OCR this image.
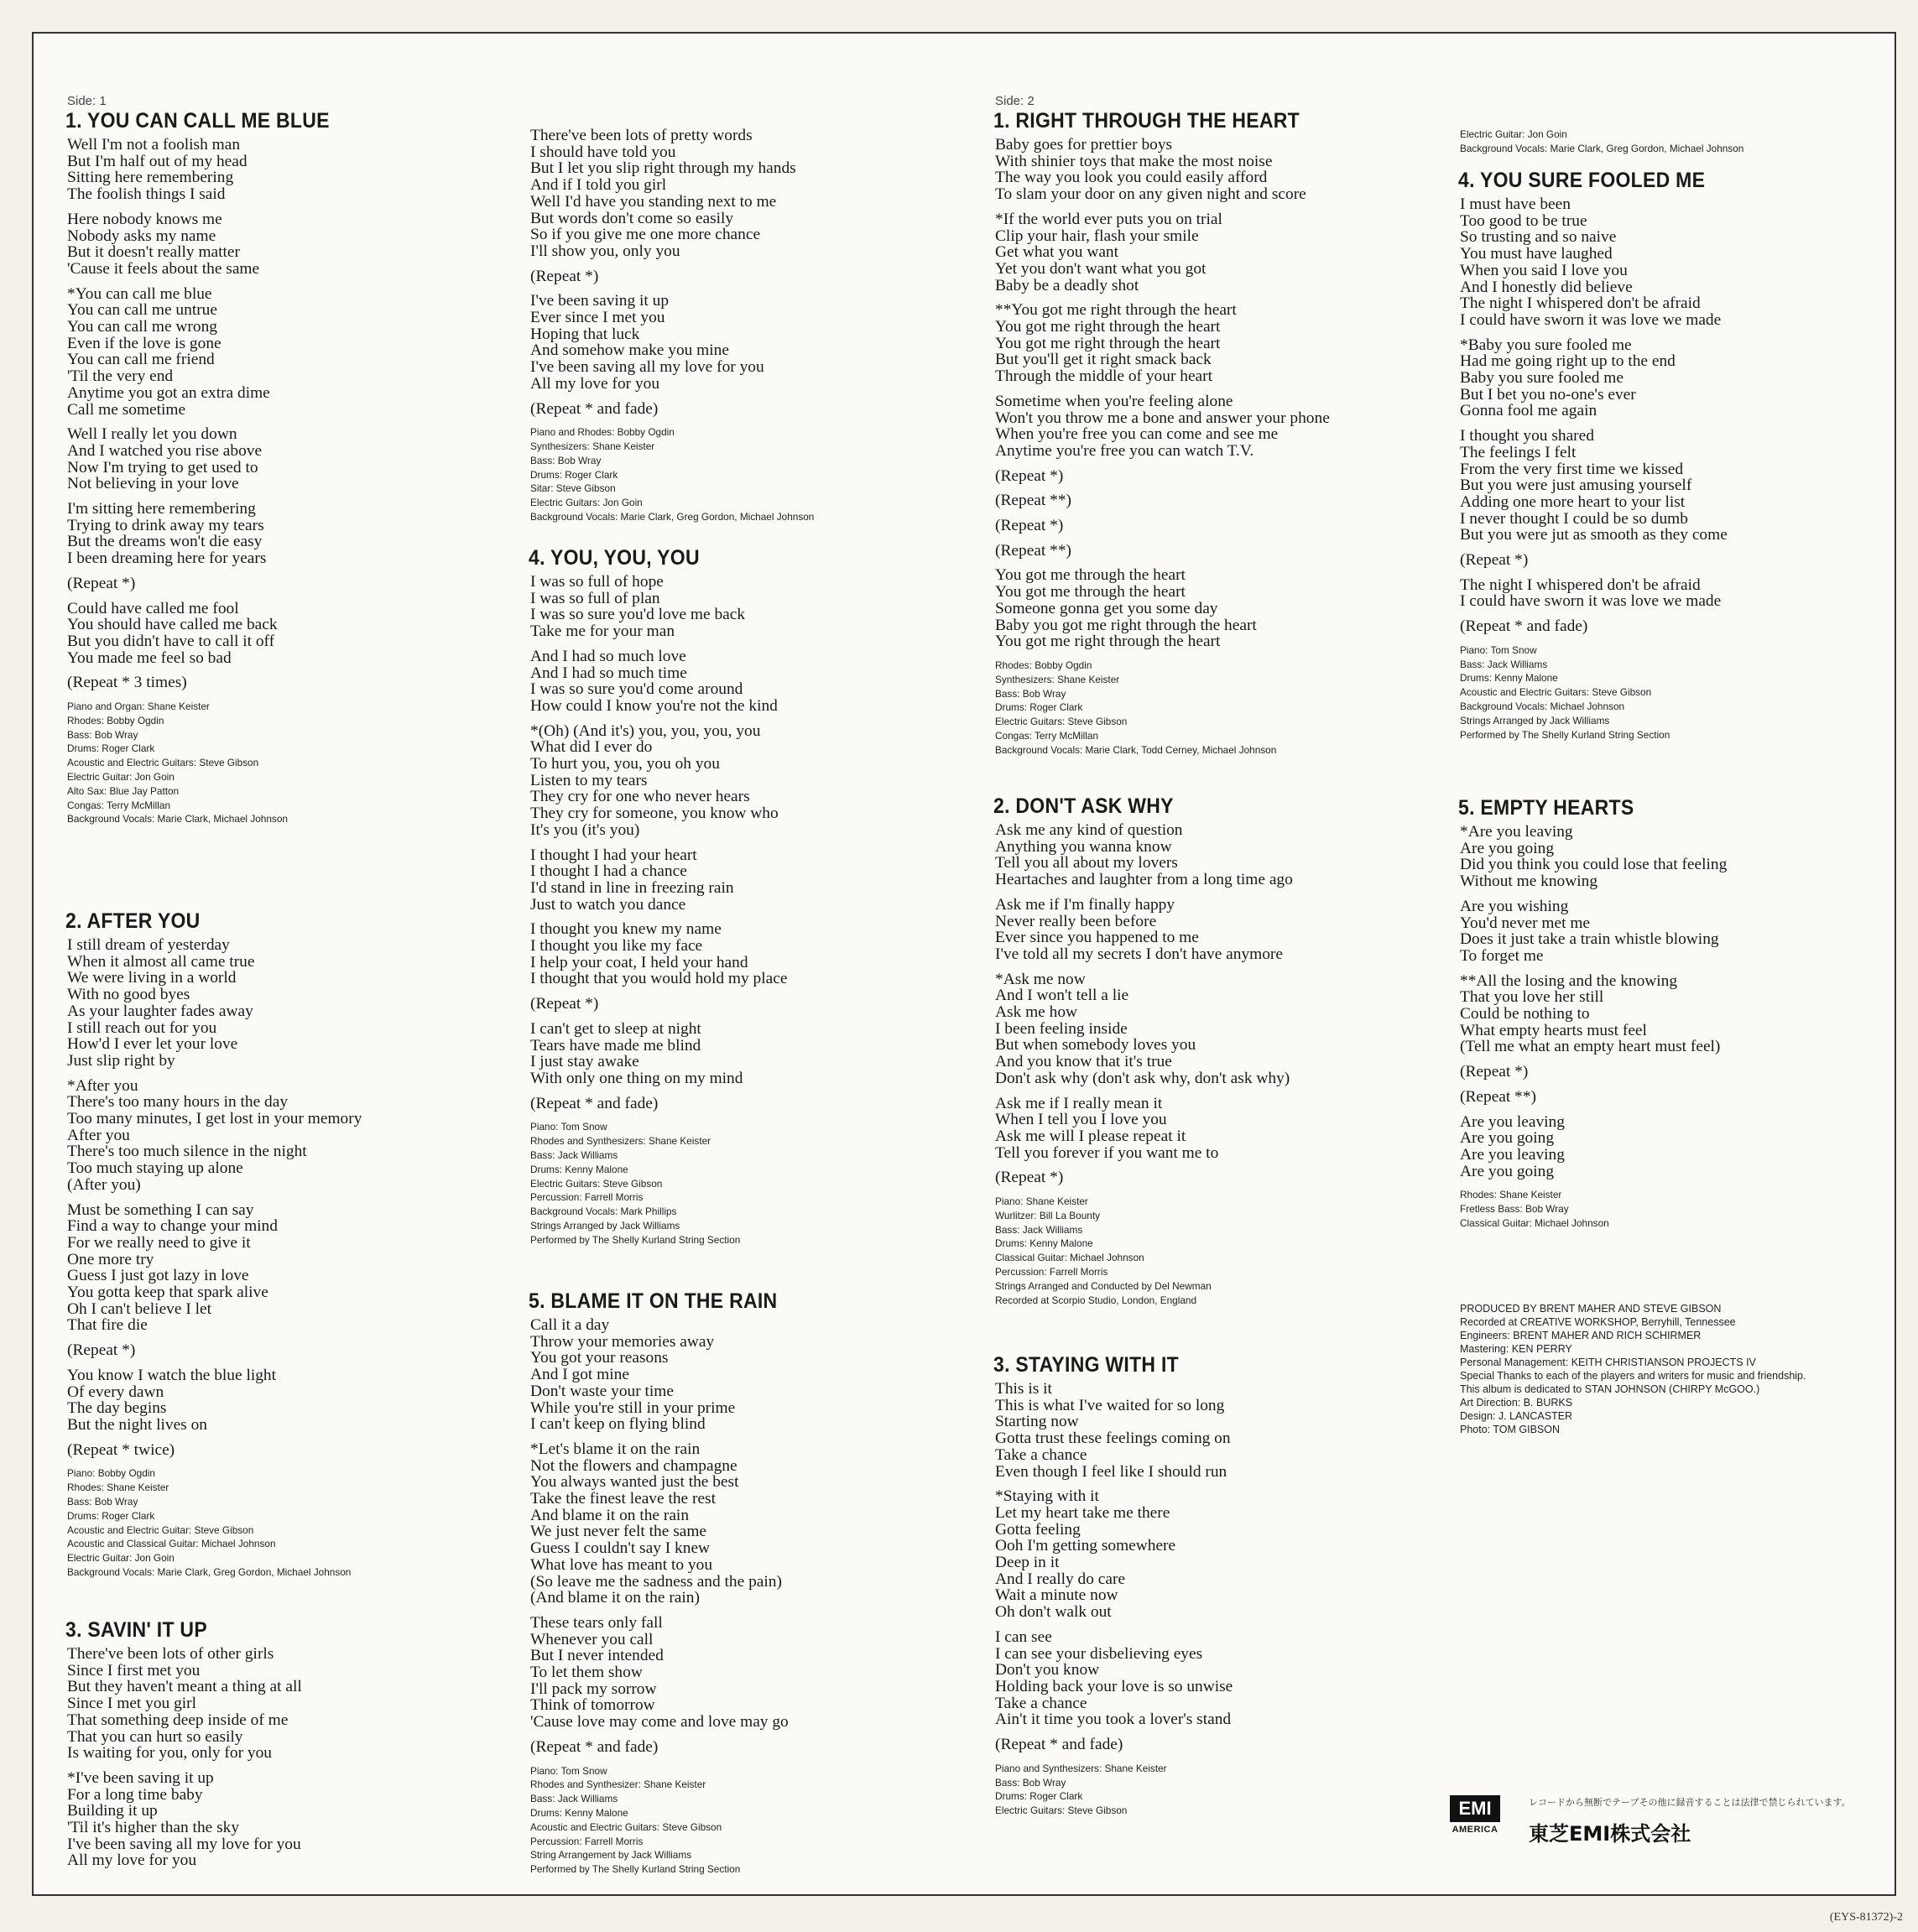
Side: 1

1. YOU CAN CALL ME BLUE
Well I'm not a foolish man
But I'm half out of my head
Sitting here remembering
The foolish things I said
Here nobody knows me
Nobody asks my name
But it doesn't really matter
'Cause it feels about the same
*You can call me blue
You can call me untrue
You can call me wrong
Even if the love is gone
You can call me friend
'Til the very end
Anytime you got an extra dime
Call me sometime
Well I really let you down
And I watched you rise above
Now I'm trying to get used to
Not believing in your love
I'm sitting here remembering
Trying to drink away my tears
But the dreams won't die easy
I been dreaming here for years
(Repeat *)
Could have called me fool
You should have called me back
But you didn't have to call it off
You made me feel so bad
(Repeat * 3 times)
Piano and Organ: Shane Keister
Rhodes: Bobby Ogdin
Bass: Bob Wray
Drums: Roger Clark
Acoustic and Electric Guitars: Steve Gibson
Electric Guitar: Jon Goin
Alto Sax: Blue Jay Patton
Congas: Terry McMillan
Background Vocals: Marie Clark, Michael Johnson
2. AFTER YOU
I still dream of yesterday
When it almost all came true
We were living in a world
With no good byes
As your laughter fades away
I still reach out for you
How'd I ever let your love
Just slip right by
*After you
There's too many hours in the day
Too many minutes, I get lost in your memory
After you
There's too much silence in the night
Too much staying up alone
(After you)
Must be something I can say
Find a way to change your mind
For we really need to give it
One more try
Guess I just got lazy in love
You gotta keep that spark alive
Oh I can't believe I let
That fire die
(Repeat *)
You know I watch the blue light
Of every dawn
The day begins
But the night lives on
(Repeat * twice)
Piano: Bobby Ogdin
Rhodes: Shane Keister
Bass: Bob Wray
Drums: Roger Clark
Acoustic and Electric Guitar: Steve Gibson
Acoustic and Classical Guitar: Michael Johnson
Electric Guitar: Jon Goin
Background Vocals: Marie Clark, Greg Gordon, Michael Johnson
3. SAVIN' IT UP
There've been lots of other girls
Since I first met you
But they haven't meant a thing at all
Since I met you girl
That something deep inside of me
That you can hurt so easily
Is waiting for you, only for you
*I've been saving it up
For a long time baby
Building it up
'Til it's higher than the sky
I've been saving all my love for you
All my love for you
There've been lots of pretty words
I should have told you
But I let you slip right through my hands
And if I told you girl
Well I'd have you standing next to me
But words don't come so easily
So if you give me one more chance
I'll show you, only you
(Repeat *)
I've been saving it up
Ever since I met you
Hoping that luck
And somehow make you mine
I've been saving all my love for you
All my love for you
(Repeat * and fade)
Piano and Rhodes: Bobby Ogdin
Synthesizers: Shane Keister
Bass: Bob Wray
Drums: Roger Clark
Sitar: Steve Gibson
Electric Guitars: Jon Goin
Background Vocals: Marie Clark, Greg Gordon, Michael Johnson
4. YOU, YOU, YOU
I was so full of hope
I was so full of plan
I was so sure you'd love me back
Take me for your man
And I had so much love
And I had so much time
I was so sure you'd come around
How could I know you're not the kind
*(Oh) (And it's) you, you, you, you
What did I ever do
To hurt you, you, you oh you
Listen to my tears
They cry for one who never hears
They cry for someone, you know who
It's you (it's you)
I thought I had your heart
I thought I had a chance
I'd stand in line in freezing rain
Just to watch you dance
I thought you knew my name
I thought you like my face
I help your coat, I held your hand
I thought that you would hold my place
(Repeat *)
I can't get to sleep at night
Tears have made me blind
I just stay awake
With only one thing on my mind
(Repeat * and fade)
Piano: Tom Snow
Rhodes and Synthesizers: Shane Keister
Bass: Jack Williams
Drums: Kenny Malone
Electric Guitars: Steve Gibson
Percussion: Farrell Morris
Background Vocals: Mark Phillips
Strings Arranged by Jack Williams
Performed by The Shelly Kurland String Section
5. BLAME IT ON THE RAIN
Call it a day
Throw your memories away
You got your reasons
And I got mine
Don't waste your time
While you're still in your prime
I can't keep on flying blind
*Let's blame it on the rain
Not the flowers and champagne
You always wanted just the best
Take the finest leave the rest
And blame it on the rain
We just never felt the same
Guess I couldn't say I knew
What love has meant to you
(So leave me the sadness and the pain)
(And blame it on the rain)
These tears only fall
Whenever you call
But I never intended
To let them show
I'll pack my sorrow
Think of tomorrow
'Cause love may come and love may go
(Repeat * and fade)
Piano: Tom Snow
Rhodes and Synthesizer: Shane Keister
Bass: Jack Williams
Drums: Kenny Malone
Acoustic and Electric Guitars: Steve Gibson
Percussion: Farrell Morris
String Arrangement by Jack Williams
Performed by The Shelly Kurland String Section

Side: 2

1. RIGHT THROUGH THE HEART
Baby goes for prettier boys
With shinier toys that make the most noise
The way you look you could easily afford
To slam your door on any given night and score
*If the world ever puts you on trial
Clip your hair, flash your smile
Get what you want
Yet you don't want what you got
Baby be a deadly shot
**You got me right through the heart
You got me right through the heart
You got me right through the heart
But you'll get it right smack back
Through the middle of your heart
Sometime when you're feeling alone
Won't you throw me a bone and answer your phone
When you're free you can come and see me
Anytime you're free you can watch T.V.
(Repeat *)
(Repeat **)
(Repeat *)
(Repeat **)
You got me through the heart
You got me through the heart
Someone gonna get you some day
Baby you got me right through the heart
You got me right through the heart
Rhodes: Bobby Ogdin
Synthesizers: Shane Keister
Bass: Bob Wray
Drums: Roger Clark
Electric Guitars: Steve Gibson
Congas: Terry McMillan
Background Vocals: Marie Clark, Todd Cerney, Michael Johnson
2. DON'T ASK WHY
Ask me any kind of question
Anything you wanna know
Tell you all about my lovers
Heartaches and laughter from a long time ago
Ask me if I'm finally happy
Never really been before
Ever since you happened to me
I've told all my secrets I don't have anymore
*Ask me now
And I won't tell a lie
Ask me how
I been feeling inside
But when somebody loves you
And you know that it's true
Don't ask why (don't ask why, don't ask why)
Ask me if I really mean it
When I tell you I love you
Ask me will I please repeat it
Tell you forever if you want me to
(Repeat *)
Piano: Shane Keister
Wurlitzer: Bill La Bounty
Bass: Jack Williams
Drums: Kenny Malone
Classical Guitar: Michael Johnson
Percussion: Farrell Morris
Strings Arranged and Conducted by Del Newman
Recorded at Scorpio Studio, London, England
3. STAYING WITH IT
This is it
This is what I've waited for so long
Starting now
Gotta trust these feelings coming on
Take a chance
Even though I feel like I should run
*Staying with it
Let my heart take me there
Gotta feeling
Ooh I'm getting somewhere
Deep in it
And I really do care
Wait a minute now
Oh don't walk out
I can see
I can see your disbelieving eyes
Don't you know
Holding back your love is so unwise
Take a chance
Ain't it time you took a lover's stand
(Repeat * and fade)
Piano and Synthesizers: Shane Keister
Bass: Bob Wray
Drums: Roger Clark
Electric Guitars: Steve Gibson
Electric Guitar: Jon Goin
Background Vocals: Marie Clark, Greg Gordon, Michael Johnson
4. YOU SURE FOOLED ME
I must have been
Too good to be true
So trusting and so naive
You must have laughed
When you said I love you
And I honestly did believe
The night I whispered don't be afraid
I could have sworn it was love we made
*Baby you sure fooled me
Had me going right up to the end
Baby you sure fooled me
But I bet you no-one's ever
Gonna fool me again
I thought you shared
The feelings I felt
From the very first time we kissed
But you were just amusing yourself
Adding one more heart to your list
I never thought I could be so dumb
But you were jut as smooth as they come
(Repeat *)
The night I whispered don't be afraid
I could have sworn it was love we made
(Repeat * and fade)
Piano: Tom Snow
Bass: Jack Williams
Drums: Kenny Malone
Acoustic and Electric Guitars: Steve Gibson
Background Vocals: Michael Johnson
Strings Arranged by Jack Williams
Performed by The Shelly Kurland String Section
5. EMPTY HEARTS
*Are you leaving
Are you going
Did you think you could lose that feeling
Without me knowing
Are you wishing
You'd never met me
Does it just take a train whistle blowing
To forget me
**All the losing and the knowing
That you love her still
Could be nothing to
What empty hearts must feel
(Tell me what an empty heart must feel)
(Repeat *)
(Repeat **)
Are you leaving
Are you going
Are you leaving
Are you going
Rhodes: Shane Keister
Fretless Bass: Bob Wray
Classical Guitar: Michael Johnson
PRODUCED BY BRENT MAHER AND STEVE GIBSON
Recorded at CREATIVE WORKSHOP, Berryhill, Tennessee
Engineers: BRENT MAHER AND RICH SCHIRMER
Mastering: KEN PERRY
Personal Management: KEITH CHRISTIANSON PROJECTS IV
Special Thanks to each of the players and writers for music and friendship.
This album is dedicated to STAN JOHNSON (CHIRPY McGOO.)
Art Direction: B. BURKS
Design: J. LANCASTER
Photo: TOM GIBSON
EMI
AMERICA
レコードから無断でテープその他に録音することは法律で禁じられています。
東芝EMI株式会社
(EYS-81372)-2
